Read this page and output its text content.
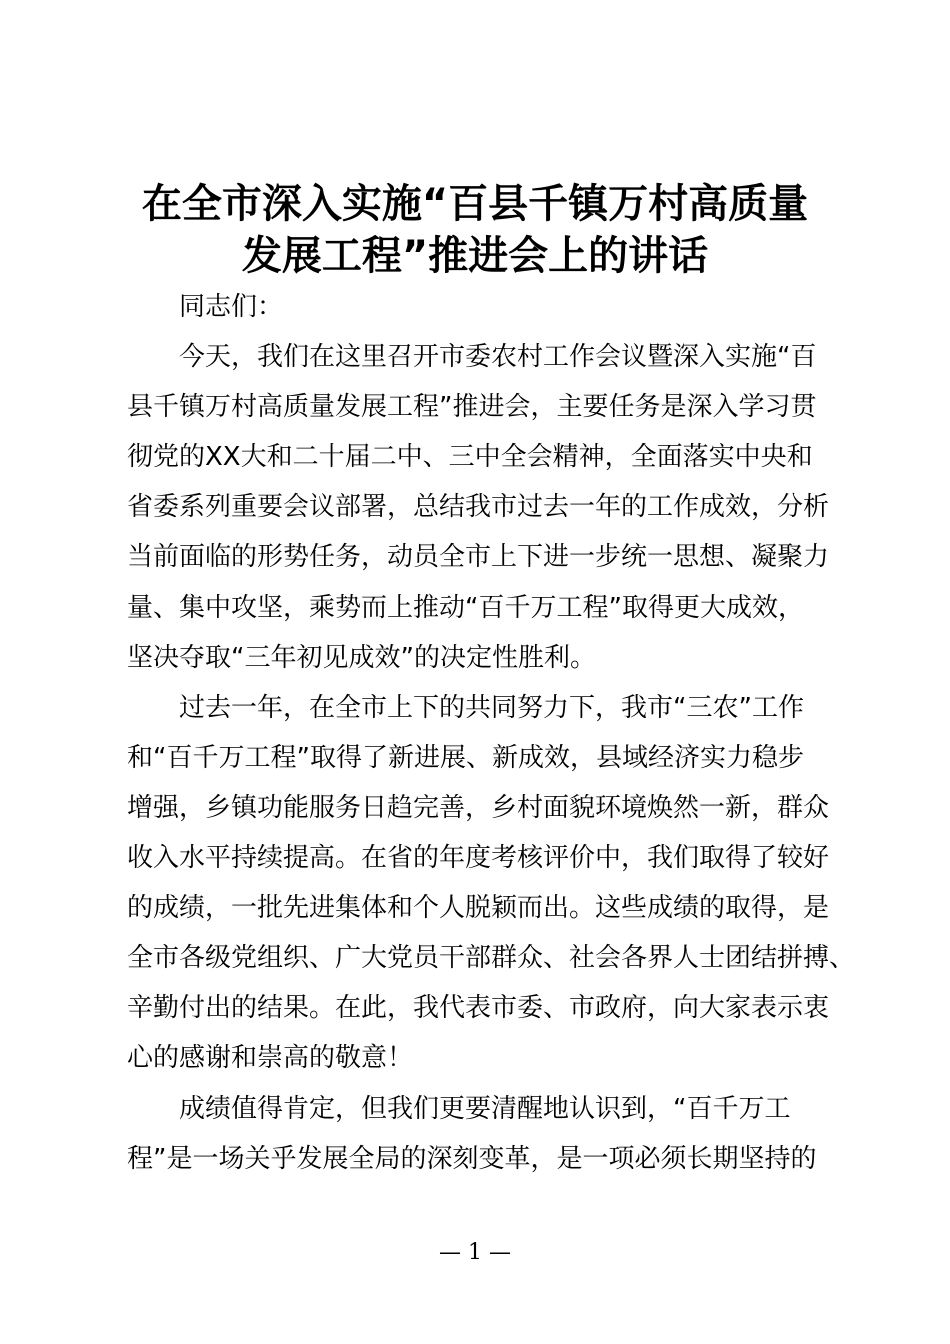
在全市深入实施“百县千镇万村高质量
发展工程”推进会上的讲话

同志们：

今天，我们在这里召开市委农村工作会议暨深入实施“百
县千镇万村高质量发展工程”推进会，主要任务是深入学习贯
彻党的XX大和二十届二中、三中全会精神，全面落实中央和
省委系列重要会议部署，总结我市过去一年的工作成效，分析
当前面临的形势任务，动员全市上下进一步统一思想、凝聚力
量、集中攻坚，乘势而上推动“百千万工程”取得更大成效，
坚决夺取“三年初见成效”的决定性胜利。

过去一年，在全市上下的共同努力下，我市“三农”工作
和“百千万工程”取得了新进展、新成效，县域经济实力稳步
增强，乡镇功能服务日趋完善，乡村面貌环境焕然一新，群众
收入水平持续提高。在省的年度考核评价中，我们取得了较好
的成绩，一批先进集体和个人脱颖而出。这些成绩的取得，是
全市各级党组织、广大党员干部群众、社会各界人士团结拼搏、
辛勤付出的结果。在此，我代表市委、市政府，向大家表示衷
心的感谢和崇高的敬意！

成绩值得肯定，但我们更要清醒地认识到，“百千万工
程”是一场关乎发展全局的深刻变革，是一项必须长期坚持的

— 1 —
